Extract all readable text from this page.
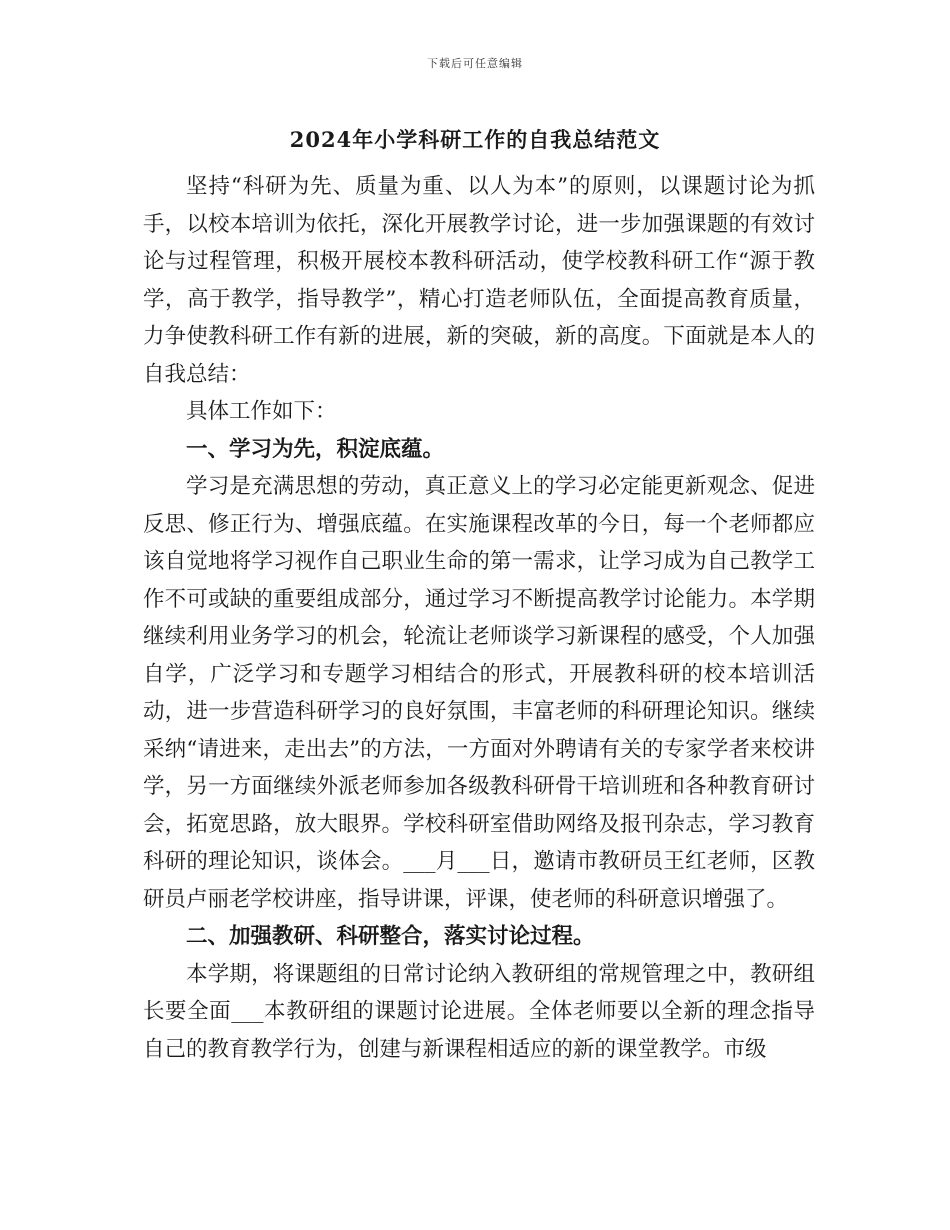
下载后可任意编辑
2024年小学科研工作的自我总结范文

坚持“科研为先、质量为重、以人为本”的原则，以课题讨论为抓手，以校本培训为依托，深化开展教学讨论，进一步加强课题的有效讨论与过程管理，积极开展校本教科研活动，使学校教科研工作“源于教学，高于教学，指导教学”，精心打造老师队伍，全面提高教育质量，力争使教科研工作有新的进展，新的突破，新的高度。下面就是本人的自我总结：

具体工作如下：

一、学习为先，积淀底蕴。

学习是充满思想的劳动，真正意义上的学习必定能更新观念、促进反思、修正行为、增强底蕴。在实施课程改革的今日，每一个老师都应该自觉地将学习视作自己职业生命的第一需求，让学习成为自己教学工作不可或缺的重要组成部分，通过学习不断提高教学讨论能力。本学期继续利用业务学习的机会，轮流让老师谈学习新课程的感受，个人加强自学，广泛学习和专题学习相结合的形式，开展教科研的校本培训活动，进一步营造科研学习的良好氛围，丰富老师的科研理论知识。继续采纳“请进来，走出去”的方法，一方面对外聘请有关的专家学者来校讲学，另一方面继续外派老师参加各级教科研骨干培训班和各种教育研讨会，拓宽思路，放大眼界。学校科研室借助网络及报刊杂志，学习教育科研的理论知识，谈体会。___月___日，邀请市教研员王红老师，区教研员卢丽老学校讲座，指导讲课，评课，使老师的科研意识增强了。

二、加强教研、科研整合，落实讨论过程。

本学期，将课题组的日常讨论纳入教研组的常规管理之中，教研组长要全面___本教研组的课题讨论进展。全体老师要以全新的理念指导自己的教育教学行为，创建与新课程相适应的新的课堂教学。市级
